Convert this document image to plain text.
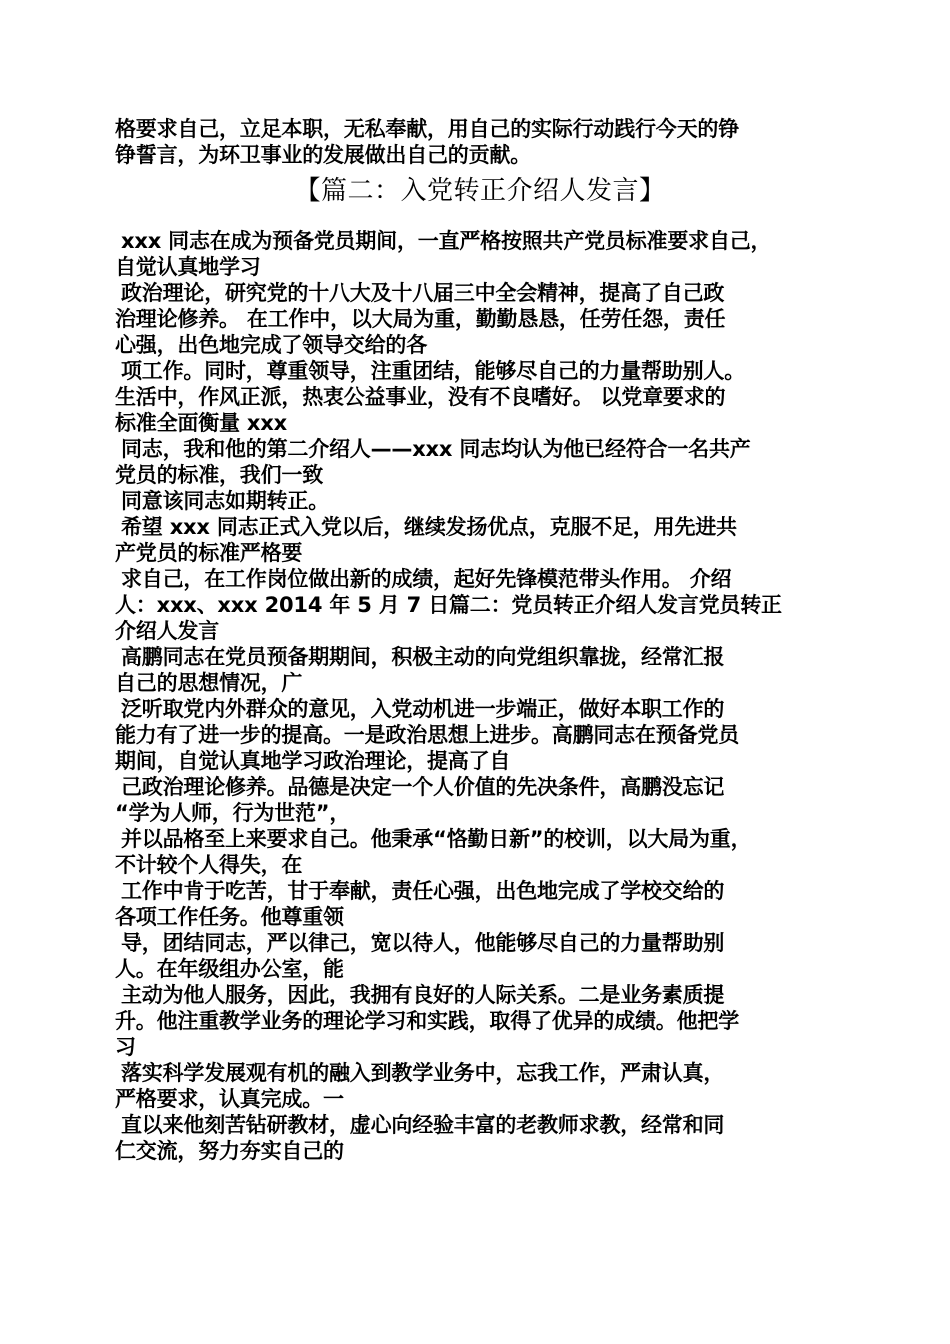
格要求自己，立足本职，无私奉献，用自己的实际行动践行今天的铮
铮誓言，为环卫事业的发展做出自己的贡献。
【篇二：入党转正介绍人发言】
xxx 同志在成为预备党员期间，一直严格按照共产党员标准要求自己，
自觉认真地学习
政治理论，研究党的十八大及十八届三中全会精神，提高了自己政
治理论修养。 在工作中，以大局为重，勤勤恳恳，任劳任怨，责任
心强，出色地完成了领导交给的各
项工作。同时，尊重领导，注重团结，能够尽自己的力量帮助别人。
生活中，作风正派，热衷公益事业，没有不良嗜好。 以党章要求的
标准全面衡量 xxx
同志，我和他的第二介绍人——xxx 同志均认为他已经符合一名共产
党员的标准，我们一致
同意该同志如期转正。
希望 xxx 同志正式入党以后，继续发扬优点，克服不足，用先进共
产党员的标准严格要
求自己，在工作岗位做出新的成绩，起好先锋模范带头作用。 介绍
人：xxx、xxx 2014 年 5 月 7 日篇二：党员转正介绍人发言党员转正
介绍人发言
高鹏同志在党员预备期期间，积极主动的向党组织靠拢，经常汇报
自己的思想情况，广
泛听取党内外群众的意见，入党动机进一步端正，做好本职工作的
能力有了进一步的提高。一是政治思想上进步。高鹏同志在预备党员
期间，自觉认真地学习政治理论，提高了自
己政治理论修养。品德是决定一个人价值的先决条件，高鹏没忘记
“学为人师，行为世范”，
并以品格至上来要求自己。他秉承“恪勤日新”的校训，以大局为重，
不计较个人得失，在
工作中肯于吃苦，甘于奉献，责任心强，出色地完成了学校交给的
各项工作任务。他尊重领
导，团结同志，严以律己，宽以待人，他能够尽自己的力量帮助别
人。在年级组办公室，能
主动为他人服务，因此，我拥有良好的人际关系。二是业务素质提
升。他注重教学业务的理论学习和实践，取得了优异的成绩。他把学
习
落实科学发展观有机的融入到教学业务中，忘我工作，严肃认真，
严格要求，认真完成。一
直以来他刻苦钻研教材，虚心向经验丰富的老教师求教，经常和同
仁交流，努力夯实自己的
